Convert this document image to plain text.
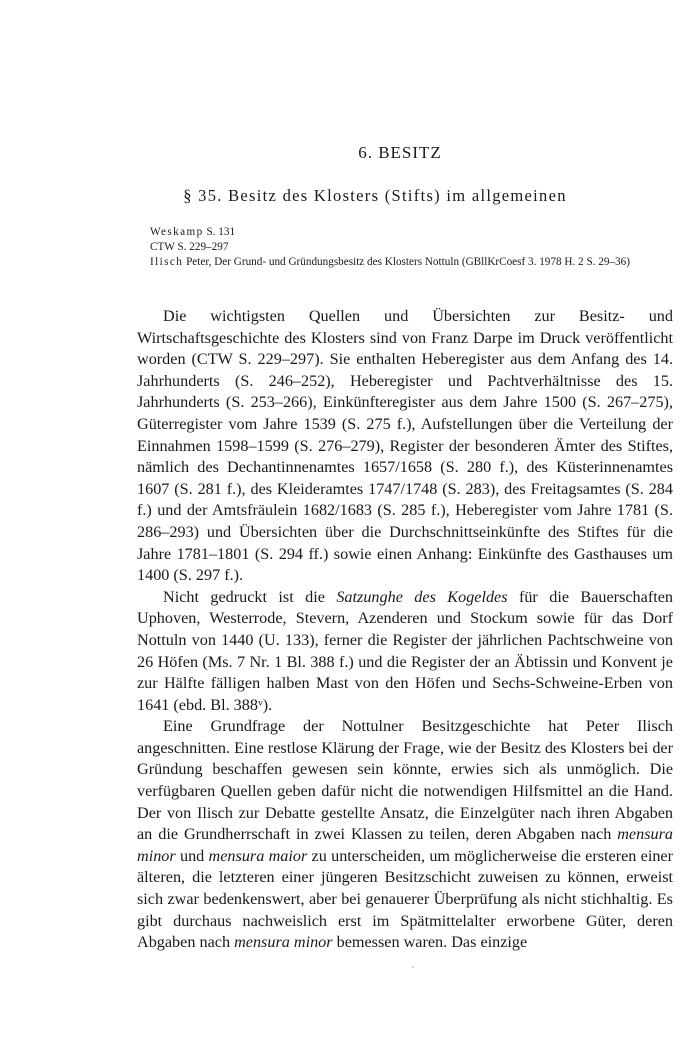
6. BESITZ
§ 35. Besitz des Klosters (Stifts) im allgemeinen

Weskamp S. 131

CTW S. 229–297

Ilisch Peter, Der Grund- und Gründungsbesitz des Klosters Nottuln (GBllKrCoesf 3. 1978 H. 2 S. 29–36)

Die wichtigsten Quellen und Übersichten zur Besitz- und Wirtschaftsgeschichte des Klosters sind von Franz Darpe im Druck veröffentlicht worden (CTW S. 229–297). Sie enthalten Heberegister aus dem Anfang des 14. Jahrhunderts (S. 246–252), Heberegister und Pachtverhältnisse des 15. Jahrhunderts (S. 253–266), Einkünfteregister aus dem Jahre 1500 (S. 267–275), Güterregister vom Jahre 1539 (S. 275 f.), Aufstellungen über die Verteilung der Einnahmen 1598–1599 (S. 276–279), Register der besonderen Ämter des Stiftes, nämlich des Dechantinnenamtes 1657/1658 (S. 280 f.), des Küsterinnenamtes 1607 (S. 281 f.), des Kleideramtes 1747/1748 (S. 283), des Freitagsamtes (S. 284 f.) und der Amtsfräulein 1682/1683 (S. 285 f.), Heberegister vom Jahre 1781 (S. 286–293) und Übersichten über die Durchschnittseinkünfte des Stiftes für die Jahre 1781–1801 (S. 294 ff.) sowie einen Anhang: Einkünfte des Gasthauses um 1400 (S. 297 f.).

Nicht gedruckt ist die Satzunghe des Kogeldes für die Bauerschaften Uphoven, Westerrode, Stevern, Azenderen und Stockum sowie für das Dorf Nottuln von 1440 (U. 133), ferner die Register der jährlichen Pachtschweine von 26 Höfen (Ms. 7 Nr. 1 Bl. 388 f.) und die Register der an Äbtissin und Konvent je zur Hälfte fälligen halben Mast von den Höfen und Sechs-Schweine-Erben von 1641 (ebd. Bl. 388ᵛ).

Eine Grundfrage der Nottulner Besitzgeschichte hat Peter Ilisch angeschnitten. Eine restlose Klärung der Frage, wie der Besitz des Klosters bei der Gründung beschaffen gewesen sein könnte, erwies sich als unmöglich. Die verfügbaren Quellen geben dafür nicht die notwendigen Hilfsmittel an die Hand. Der von Ilisch zur Debatte gestellte Ansatz, die Einzelgüter nach ihren Abgaben an die Grundherrschaft in zwei Klassen zu teilen, deren Abgaben nach mensura minor und mensura maior zu unterscheiden, um möglicherweise die ersteren einer älteren, die letzteren einer jüngeren Besitzschicht zuweisen zu können, erweist sich zwar bedenkenswert, aber bei genauerer Überprüfung als nicht stichhaltig. Es gibt durchaus nachweislich erst im Spätmittelalter erworbene Güter, deren Abgaben nach mensura minor bemessen waren. Das einzige
